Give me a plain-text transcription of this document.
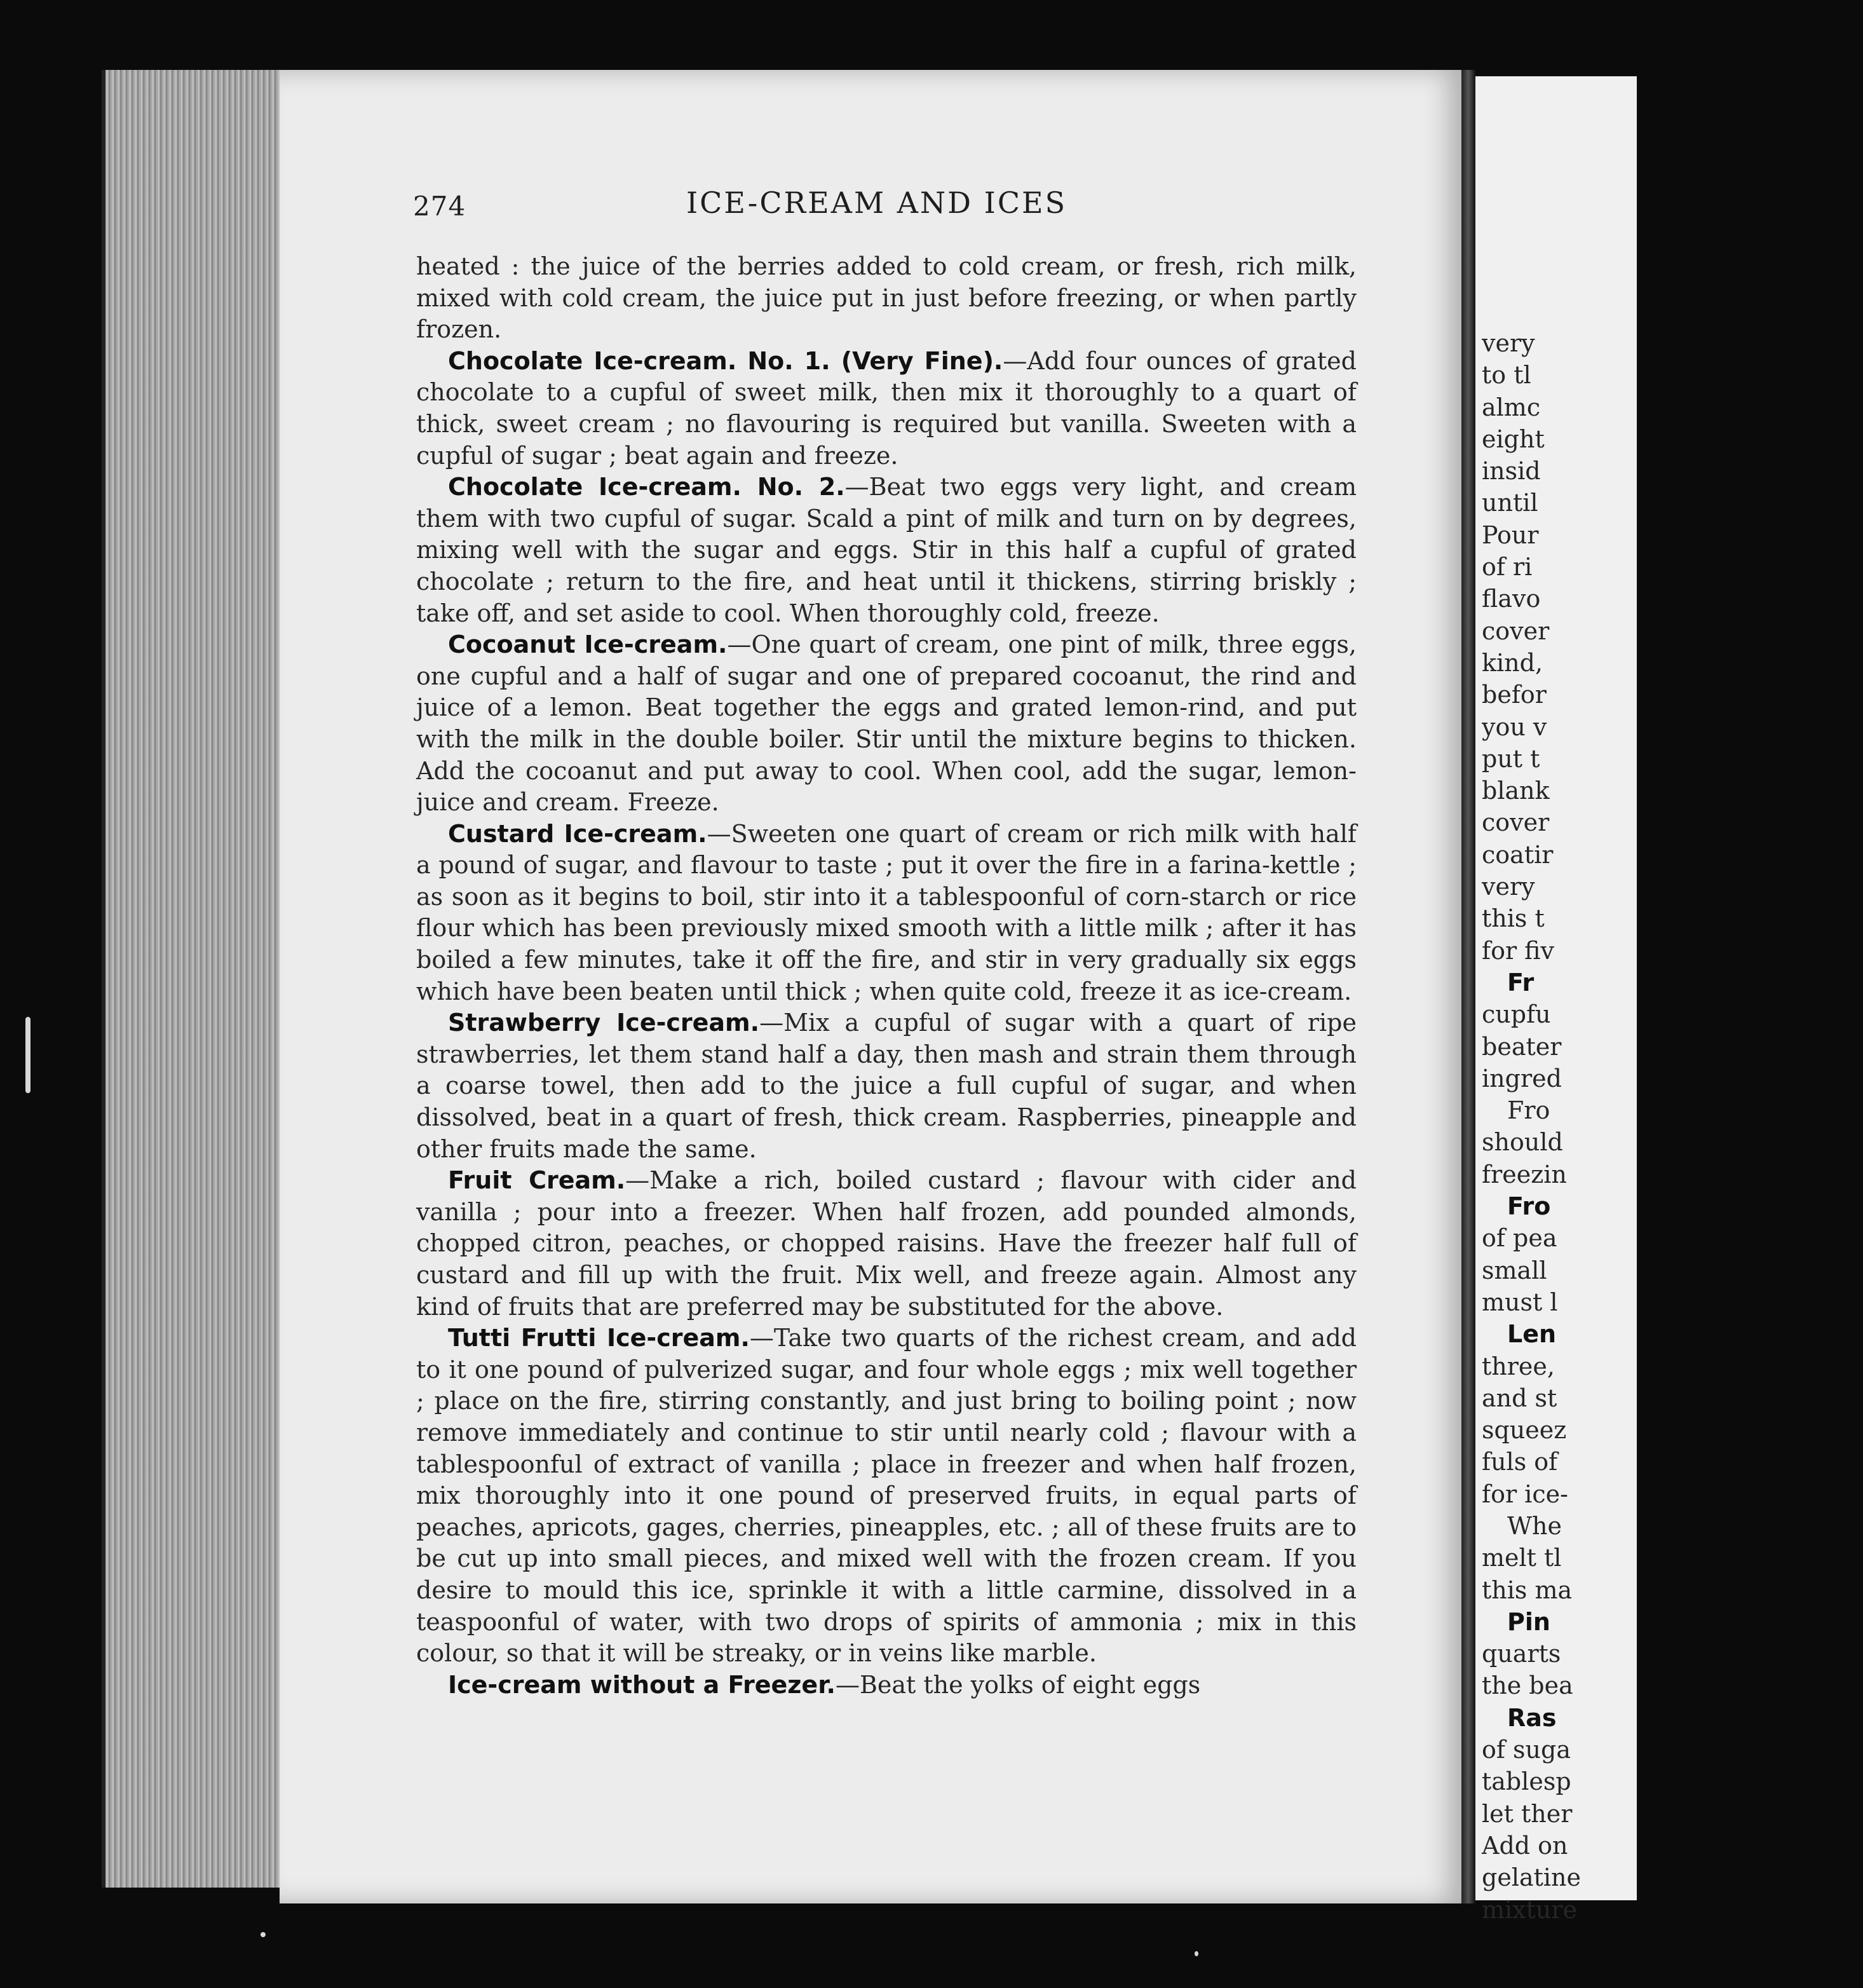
very
to tl
almc
eight
insid
until
Pour
of ri
flavo
cover
kind,
befor
you v
put t
blank
cover
coatir
very
this t
for fiv
Fr
cupfu
beater
ingred
Fro
should
freezin
Fro
of pea
small
must l
Len
three,
and st
squeez
fuls of
for ice-
Whe
melt tl
this ma
Pin
quarts
the bea
Ras
of suga
tablesp
let ther
Add on
gelatine
mixture
274	ICE-CREAM AND ICES

heated : the juice of the berries added to cold cream, or fresh, rich milk, mixed with cold cream, the juice put in just before freezing, or when partly frozen.

Chocolate Ice-cream. No. 1. (Very Fine).—Add four ounces of grated chocolate to a cupful of sweet milk, then mix it thoroughly to a quart of thick, sweet cream ; no flavouring is required but vanilla. Sweeten with a cupful of sugar ; beat again and freeze.

Chocolate Ice-cream. No. 2.—Beat two eggs very light, and cream them with two cupful of sugar. Scald a pint of milk and turn on by degrees, mixing well with the sugar and eggs. Stir in this half a cupful of grated chocolate ; return to the fire, and heat until it thickens, stirring briskly ; take off, and set aside to cool. When thoroughly cold, freeze.

Cocoanut Ice-cream.—One quart of cream, one pint of milk, three eggs, one cupful and a half of sugar and one of prepared cocoanut, the rind and juice of a lemon. Beat together the eggs and grated lemon-rind, and put with the milk in the double boiler. Stir until the mixture begins to thicken. Add the cocoanut and put away to cool. When cool, add the sugar, lemon-juice and cream. Freeze.

Custard Ice-cream.—Sweeten one quart of cream or rich milk with half a pound of sugar, and flavour to taste ; put it over the fire in a farina-kettle ; as soon as it begins to boil, stir into it a tablespoonful of corn-starch or rice flour which has been previously mixed smooth with a little milk ; after it has boiled a few minutes, take it off the fire, and stir in very gradually six eggs which have been beaten until thick ; when quite cold, freeze it as ice-cream.

Strawberry Ice-cream.—Mix a cupful of sugar with a quart of ripe strawberries, let them stand half a day, then mash and strain them through a coarse towel, then add to the juice a full cupful of sugar, and when dissolved, beat in a quart of fresh, thick cream. Raspberries, pineapple and other fruits made the same.

Fruit Cream.—Make a rich, boiled custard ; flavour with cider and vanilla ; pour into a freezer. When half frozen, add pounded almonds, chopped citron, peaches, or chopped raisins. Have the freezer half full of custard and fill up with the fruit. Mix well, and freeze again. Almost any kind of fruits that are preferred may be substituted for the above.

Tutti Frutti Ice-cream.—Take two quarts of the richest cream, and add to it one pound of pulverized sugar, and four whole eggs ; mix well together ; place on the fire, stirring constantly, and just bring to boiling point ; now remove immediately and continue to stir until nearly cold ; flavour with a tablespoonful of extract of vanilla ; place in freezer and when half frozen, mix thoroughly into it one pound of preserved fruits, in equal parts of peaches, apricots, gages, cherries, pineapples, etc. ; all of these fruits are to be cut up into small pieces, and mixed well with the frozen cream. If you desire to mould this ice, sprinkle it with a little carmine, dissolved in a teaspoonful of water, with two drops of spirits of ammonia ; mix in this colour, so that it will be streaky, or in veins like marble.

Ice-cream without a Freezer.—Beat the yolks of eight eggs
